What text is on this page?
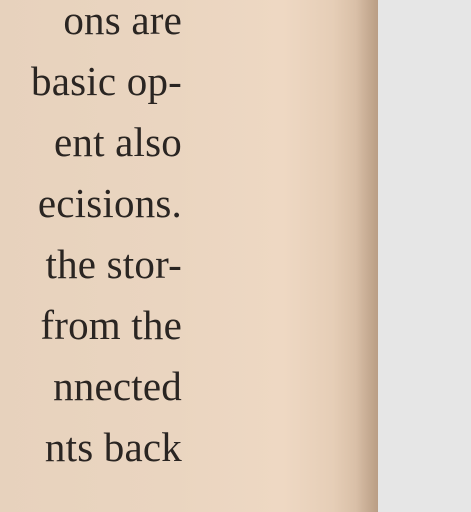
ons are
basic op-
ent also
ecisions.
the stor-
from the
nnected
nts back
